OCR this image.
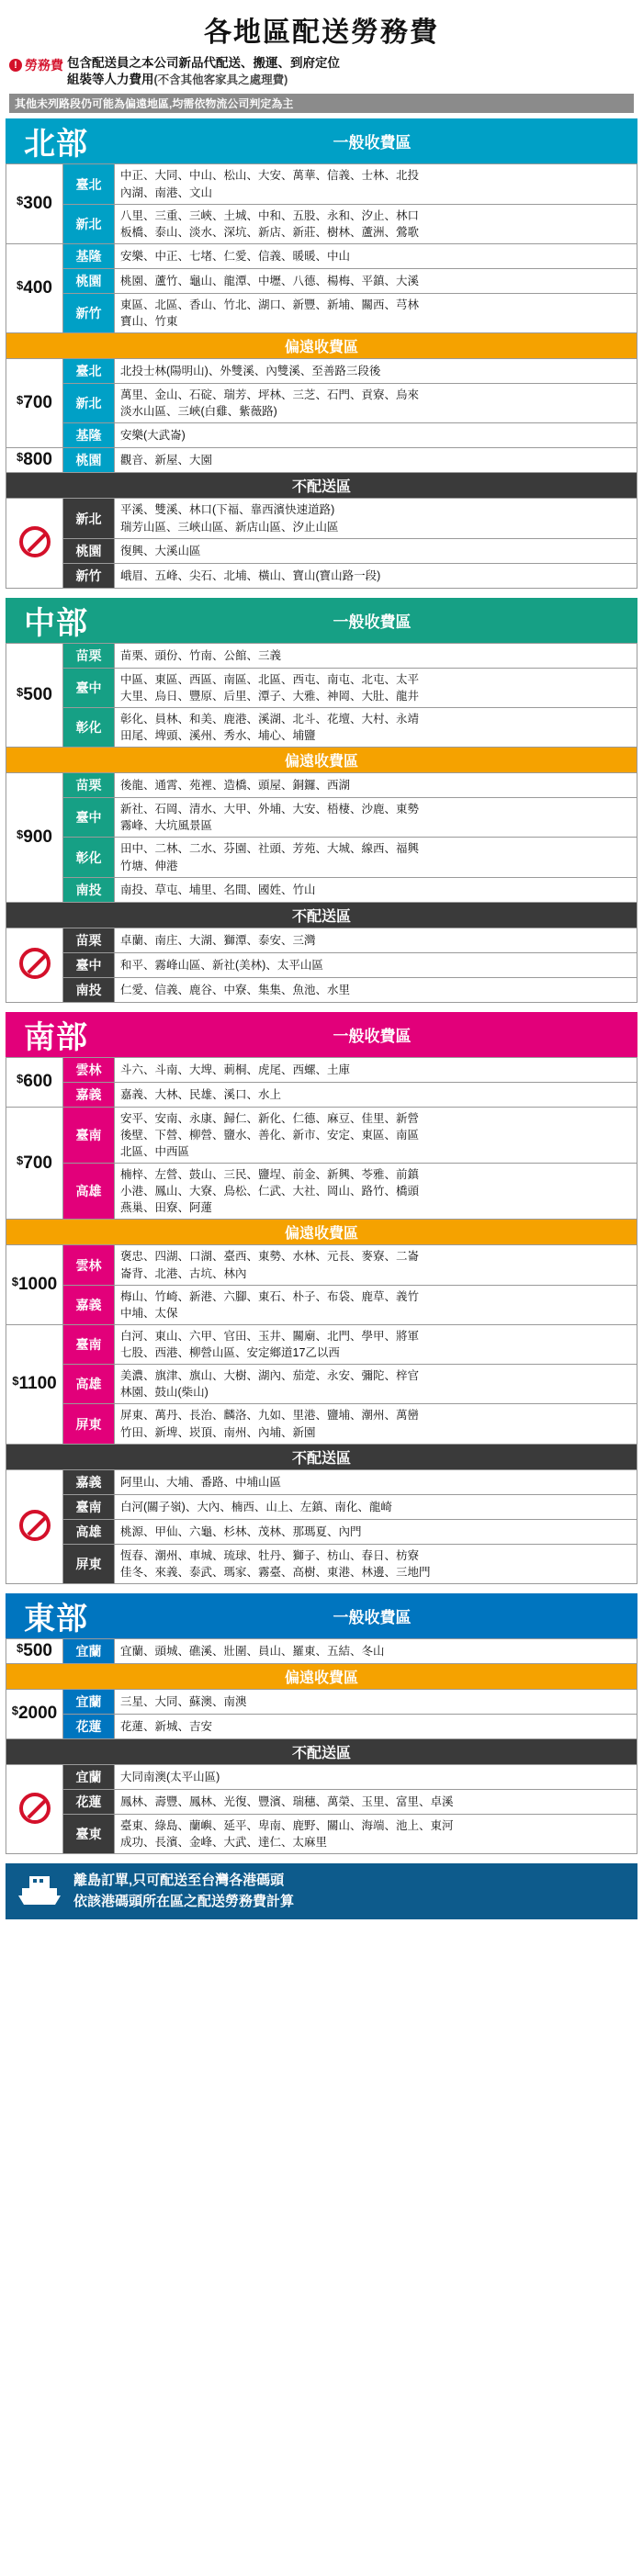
各地區配送勞務費
! 勞務費 包含配送員之本公司新品代配送、搬運、到府定位
組裝等人力費用(不含其他客家具之處理費)
其他未列路段仍可能為偏遠地區,均需依物流公司判定為主
北部	一般收費區
$300	臺北	中正、大同、中山、松山、大安、萬華、信義、士林、北投
內湖、南港、文山
	新北	八里、三重、三峽、土城、中和、五股、永和、汐止、林口
板橋、泰山、淡水、深坑、新店、新莊、樹林、蘆洲、鶯歌
$400	基隆	安樂、中正、七堵、仁愛、信義、暖暖、中山
	桃園	桃園、蘆竹、龜山、龍潭、中壢、八德、楊梅、平鎮、大溪
	新竹	東區、北區、香山、竹北、湖口、新豐、新埔、關西、芎林
寶山、竹東
偏遠收費區		
$700	臺北	北投士林(陽明山)、外雙溪、內雙溪、至善路三段後
	新北	萬里、金山、石碇、瑞芳、坪林、三芝、石門、貢寮、烏來
淡水山區、三峽(白雞、紫薇路)
	基隆	安樂(大武崙)
$800	桃園	觀音、新屋、大園
不配送區		
	新北	平溪、雙溪、林口(下福、靠西濱快速道路)
瑞芳山區、三峽山區、新店山區、汐止山區
	桃園	復興、大溪山區
	新竹	峨眉、五峰、尖石、北埔、橫山、寶山(寶山路一段)
中部	一般收費區
$500	苗栗	苗栗、頭份、竹南、公館、三義
	臺中	中區、東區、西區、南區、北區、西屯、南屯、北屯、太平
大里、烏日、豐原、后里、潭子、大雅、神岡、大肚、龍井
	彰化	彰化、員林、和美、鹿港、溪湖、北斗、花壇、大村、永靖
田尾、埤頭、溪州、秀水、埔心、埔鹽
偏遠收費區		
$900	苗栗	後龍、通霄、苑裡、造橋、頭屋、銅鑼、西湖
	臺中	新社、石岡、清水、大甲、外埔、大安、梧棲、沙鹿、東勢
霧峰、大坑風景區
	彰化	田中、二林、二水、芬園、社頭、芳苑、大城、線西、福興
竹塘、伸港
	南投	南投、草屯、埔里、名間、國姓、竹山
不配送區		
	苗栗	卓蘭、南庄、大湖、獅潭、泰安、三灣
	臺中	和平、霧峰山區、新社(美林)、太平山區
	南投	仁愛、信義、鹿谷、中寮、集集、魚池、水里
南部	一般收費區
$600	雲林	斗六、斗南、大埤、莿桐、虎尾、西螺、土庫
	嘉義	嘉義、大林、民雄、溪口、水上
$700	臺南	安平、安南、永康、歸仁、新化、仁德、麻豆、佳里、新營
後壁、下營、柳營、鹽水、善化、新市、安定、東區、南區
北區、中西區
	高雄	楠梓、左營、鼓山、三民、鹽埕、前金、新興、苓雅、前鎮
小港、鳳山、大寮、鳥松、仁武、大社、岡山、路竹、橋頭
燕巢、田寮、阿蓮
偏遠收費區		
$1000	雲林	褒忠、四湖、口湖、臺西、東勢、水林、元長、麥寮、二崙
崙背、北港、古坑、林內
	嘉義	梅山、竹崎、新港、六腳、東石、朴子、布袋、鹿草、義竹
中埔、太保
$1100	臺南	白河、東山、六甲、官田、玉井、關廟、北門、學甲、將軍
七股、西港、柳營山區、安定鄉道17乙以西
	高雄	美濃、旗津、旗山、大樹、湖內、茄萣、永安、彌陀、梓官
林園、鼓山(柴山)
	屏東	屏東、萬丹、長治、麟洛、九如、里港、鹽埔、潮州、萬巒
竹田、新埤、崁頂、南州、內埔、新園
不配送區		
	嘉義	阿里山、大埔、番路、中埔山區
	臺南	白河(關子嶺)、大內、楠西、山上、左鎮、南化、龍崎
	高雄	桃源、甲仙、六龜、杉林、茂林、那瑪夏、內門
	屏東	恆春、潮州、車城、琉球、牡丹、獅子、枋山、春日、枋寮
佳冬、來義、泰武、瑪家、霧臺、高樹、東港、林邊、三地門
東部	一般收費區
$500	宜蘭	宜蘭、頭城、礁溪、壯圍、員山、羅東、五結、冬山
偏遠收費區		
$2000	宜蘭	三星、大同、蘇澳、南澳
	花蓮	花蓮、新城、吉安
不配送區		
	宜蘭	大同南澳(太平山區)
	花蓮	鳳林、壽豐、鳳林、光復、豐濱、瑞穗、萬榮、玉里、富里、卓溪
	臺東	臺東、綠島、蘭嶼、延平、卑南、鹿野、關山、海端、池上、東河
成功、長濱、金峰、大武、達仁、太麻里
離島訂單,只可配送至台灣各港碼頭
依該港碼頭所在區之配送勞務費計算
